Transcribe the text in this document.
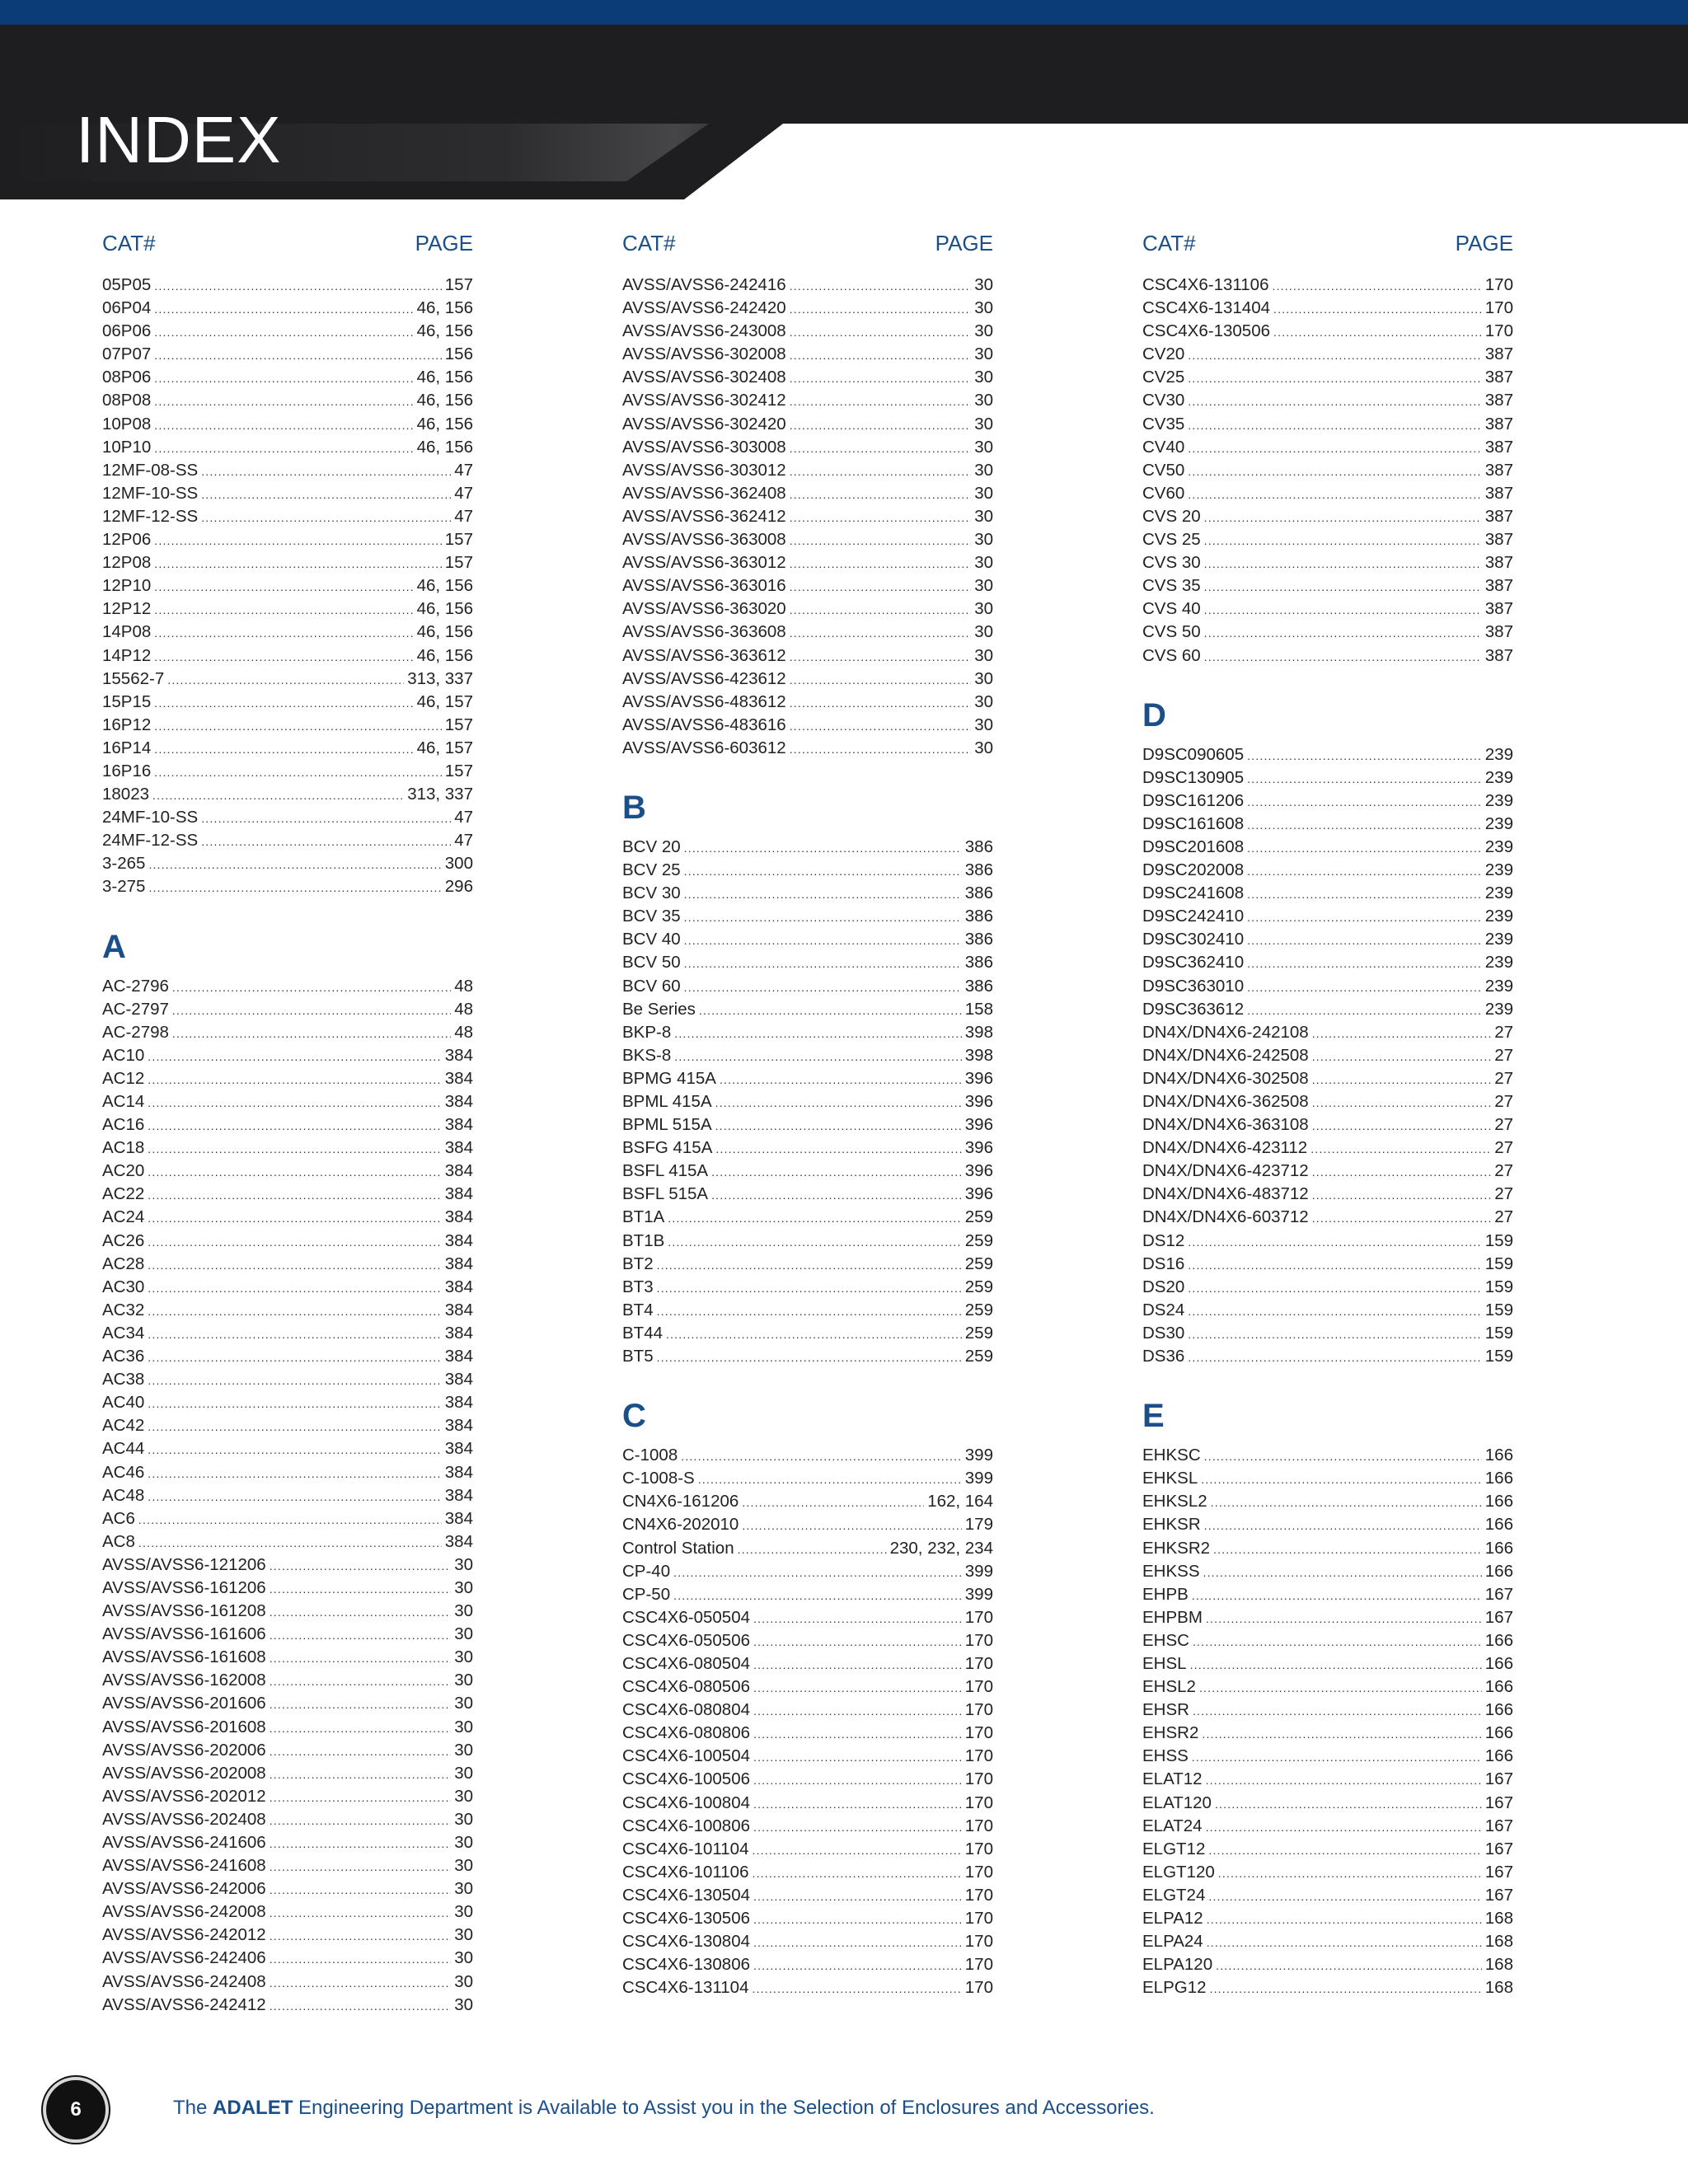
INDEX
CAT#	PAGE
05P05 .....	157
06P04 .....	46, 156
06P06 .....	46, 156
07P07 .....	156
08P06 .....	46, 156
08P08 .....	46, 156
10P08 .....	46, 156
10P10 .....	46, 156
12MF-08-SS .....	47
12MF-10-SS .....	47
12MF-12-SS .....	47
12P06 .....	157
12P08 .....	157
12P10 .....	46, 156
12P12 .....	46, 156
14P08 .....	46, 156
14P12 .....	46, 156
15562-7 .....	313, 337
15P15 .....	46, 157
16P12 .....	157
16P14 .....	46, 157
16P16 .....	157
18023 .....	313, 337
24MF-10-SS .....	47
24MF-12-SS .....	47
3-265 .....	300
3-275 .....	296
A
AC-2796 .....	48
AC-2797 .....	48
AC-2798 .....	48
AC10 .....	384
AC12 .....	384
AC14 .....	384
AC16 .....	384
AC18 .....	384
AC20 .....	384
AC22 .....	384
AC24 .....	384
AC26 .....	384
AC28 .....	384
AC30 .....	384
AC32 .....	384
AC34 .....	384
AC36 .....	384
AC38 .....	384
AC40 .....	384
AC42 .....	384
AC44 .....	384
AC46 .....	384
AC48 .....	384
AC6 .....	384
AC8 .....	384
AVSS/AVSS6-121206 .....	30
AVSS/AVSS6-161206 .....	30
AVSS/AVSS6-161208 .....	30
AVSS/AVSS6-161606 .....	30
AVSS/AVSS6-161608 .....	30
AVSS/AVSS6-162008 .....	30
AVSS/AVSS6-201606 .....	30
AVSS/AVSS6-201608 .....	30
AVSS/AVSS6-202006 .....	30
AVSS/AVSS6-202008 .....	30
AVSS/AVSS6-202012 .....	30
AVSS/AVSS6-202408 .....	30
AVSS/AVSS6-241606 .....	30
AVSS/AVSS6-241608 .....	30
AVSS/AVSS6-242006 .....	30
AVSS/AVSS6-242008 .....	30
AVSS/AVSS6-242012 .....	30
AVSS/AVSS6-242406 .....	30
AVSS/AVSS6-242408 .....	30
AVSS/AVSS6-242412 .....	30
CAT#	PAGE
AVSS/AVSS6-242416 .....	30
AVSS/AVSS6-242420 .....	30
AVSS/AVSS6-243008 .....	30
AVSS/AVSS6-302008 .....	30
AVSS/AVSS6-302408 .....	30
AVSS/AVSS6-302412 .....	30
AVSS/AVSS6-302420 .....	30
AVSS/AVSS6-303008 .....	30
AVSS/AVSS6-303012 .....	30
AVSS/AVSS6-362408 .....	30
AVSS/AVSS6-362412 .....	30
AVSS/AVSS6-363008 .....	30
AVSS/AVSS6-363012 .....	30
AVSS/AVSS6-363016 .....	30
AVSS/AVSS6-363020 .....	30
AVSS/AVSS6-363608 .....	30
AVSS/AVSS6-363612 .....	30
AVSS/AVSS6-423612 .....	30
AVSS/AVSS6-483612 .....	30
AVSS/AVSS6-483616 .....	30
AVSS/AVSS6-603612 .....	30
B
BCV 20 .....	386
BCV 25 .....	386
BCV 30 .....	386
BCV 35 .....	386
BCV 40 .....	386
BCV 50 .....	386
BCV 60 .....	386
Be Series .....	158
BKP-8 .....	398
BKS-8 .....	398
BPMG 415A .....	396
BPML 415A .....	396
BPML 515A .....	396
BSFG 415A .....	396
BSFL 415A .....	396
BSFL 515A .....	396
BT1A .....	259
BT1B .....	259
BT2 .....	259
BT3 .....	259
BT4 .....	259
BT44 .....	259
BT5 .....	259
C
C-1008 .....	399
C-1008-S .....	399
CN4X6-161206 .....	162, 164
CN4X6-202010 .....	179
Control Station .....	230, 232, 234
CP-40 .....	399
CP-50 .....	399
CSC4X6-050504 .....	170
CSC4X6-050506 .....	170
CSC4X6-080504 .....	170
CSC4X6-080506 .....	170
CSC4X6-080804 .....	170
CSC4X6-080806 .....	170
CSC4X6-100504 .....	170
CSC4X6-100506 .....	170
CSC4X6-100804 .....	170
CSC4X6-100806 .....	170
CSC4X6-101104 .....	170
CSC4X6-101106 .....	170
CSC4X6-130504 .....	170
CSC4X6-130506 .....	170
CSC4X6-130804 .....	170
CSC4X6-130806 .....	170
CSC4X6-131104 .....	170
CAT#	PAGE
CSC4X6-131106 .....	170
CSC4X6-131404 .....	170
CSC4X6-130506 .....	170
CV20 .....	387
CV25 .....	387
CV30 .....	387
CV35 .....	387
CV40 .....	387
CV50 .....	387
CV60 .....	387
CVS 20 .....	387
CVS 25 .....	387
CVS 30 .....	387
CVS 35 .....	387
CVS 40 .....	387
CVS 50 .....	387
CVS 60 .....	387
D
D9SC090605 .....	239
D9SC130905 .....	239
D9SC161206 .....	239
D9SC161608 .....	239
D9SC201608 .....	239
D9SC202008 .....	239
D9SC241608 .....	239
D9SC242410 .....	239
D9SC302410 .....	239
D9SC362410 .....	239
D9SC363010 .....	239
D9SC363612 .....	239
DN4X/DN4X6-242108 .....	27
DN4X/DN4X6-242508 .....	27
DN4X/DN4X6-302508 .....	27
DN4X/DN4X6-362508 .....	27
DN4X/DN4X6-363108 .....	27
DN4X/DN4X6-423112 .....	27
DN4X/DN4X6-423712 .....	27
DN4X/DN4X6-483712 .....	27
DN4X/DN4X6-603712 .....	27
DS12 .....	159
DS16 .....	159
DS20 .....	159
DS24 .....	159
DS30 .....	159
DS36 .....	159
E
EHKSC .....	166
EHKSL .....	166
EHKSL2 .....	166
EHKSR .....	166
EHKSR2 .....	166
EHKSS .....	166
EHPB .....	167
EHPBM .....	167
EHSC .....	166
EHSL .....	166
EHSL2 .....	166
EHSR .....	166
EHSR2 .....	166
EHSS .....	166
ELAT12 .....	167
ELAT120 .....	167
ELAT24 .....	167
ELGT12 .....	167
ELGT120 .....	167
ELGT24 .....	167
ELPA12 .....	168
ELPA24 .....	168
ELPA120 .....	168
ELPG12 .....	168
6	The ADALET Engineering Department is Available to Assist you in the Selection of Enclosures and Accessories.
